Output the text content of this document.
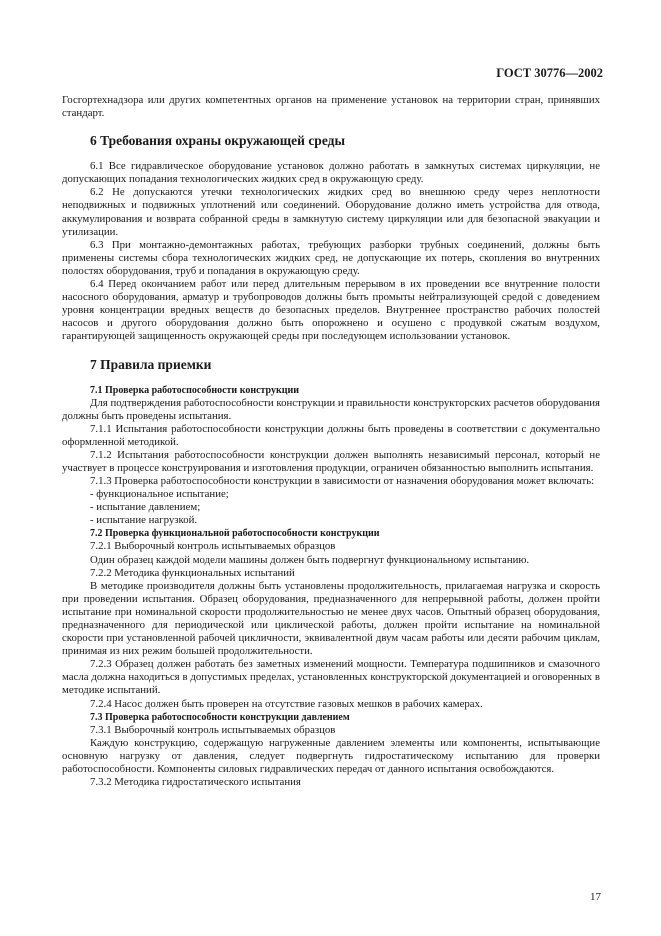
ГОСТ 30776—2002

Госгортехнадзора или других компетентных органов на применение установок на территории стран, принявших стандарт.

6 Требования охраны окружающей среды

6.1 Все гидравлическое оборудование установок должно работать в замкнутых системах циркуляции, не допускающих попадания технологических жидких сред в окружающую среду.

6.2 Не допускаются утечки технологических жидких сред во внешнюю среду через неплотности неподвижных и подвижных уплотнений или соединений. Оборудование должно иметь устройства для отвода, аккумулирования и возврата собранной среды в замкнутую систему циркуляции или для безопасной эвакуации и утилизации.

6.3 При монтажно-демонтажных работах, требующих разборки трубных соединений, должны быть применены системы сбора технологических жидких сред, не допускающие их потерь, скопления во внутренних полостях оборудования, труб и попадания в окружающую среду.

6.4 Перед окончанием работ или перед длительным перерывом в их проведении все внутренние полости насосного оборудования, арматур и трубопроводов должны быть промыты нейтрализующей средой с доведением уровня концентрации вредных веществ до безопасных пределов. Внутреннее пространство рабочих полостей насосов и другого оборудования должно быть опорожнено и осушено с продувкой сжатым воздухом, гарантирующей защищенность окружающей среды при последующем использовании установок.

7 Правила приемки

7.1 Проверка работоспособности конструкции

Для подтверждения работоспособности конструкции и правильности конструкторских расчетов оборудования должны быть проведены испытания.

7.1.1 Испытания работоспособности конструкции должны быть проведены в соответствии с документально оформленной методикой.

7.1.2 Испытания работоспособности конструкции должен выполнять независимый персонал, который не участвует в процессе конструирования и изготовления продукции, ограничен обязанностью выполнить испытания.

7.1.3 Проверка работоспособности конструкции в зависимости от назначения оборудования может включать:

- функциональное испытание;

- испытание давлением;

- испытание нагрузкой.

7.2 Проверка функциональной работоспособности конструкции

7.2.1 Выборочный контроль испытываемых образцов

Один образец каждой модели машины должен быть подвергнут функциональному испытанию.

7.2.2 Методика функциональных испытаний

В методике производителя должны быть установлены продолжительность, прилагаемая нагрузка и скорость при проведении испытания. Образец оборудования, предназначенного для непрерывной работы, должен пройти испытание при номинальной скорости продолжительностью не менее двух часов. Опытный образец оборудования, предназначенного для периодической или циклической работы, должен пройти испытание на номинальной скорости при установленной рабочей цикличности, эквивалентной двум часам работы или десяти рабочим циклам, принимая из них режим большей продолжительности.

7.2.3 Образец должен работать без заметных изменений мощности. Температура подшипников и смазочного масла должна находиться в допустимых пределах, установленных конструкторской документацией и оговоренных в методике испытаний.

7.2.4 Насос должен быть проверен на отсутствие газовых мешков в рабочих камерах.

7.3 Проверка работоспособности конструкции давлением

7.3.1 Выборочный контроль испытываемых образцов

Каждую конструкцию, содержащую нагруженные давлением элементы или компоненты, испытывающие основную нагрузку от давления, следует подвергнуть гидростатическому испытанию для проверки работоспособности. Компоненты силовых гидравлических передач от данного испытания освобождаются.

7.3.2 Методика гидростатического испытания

17
